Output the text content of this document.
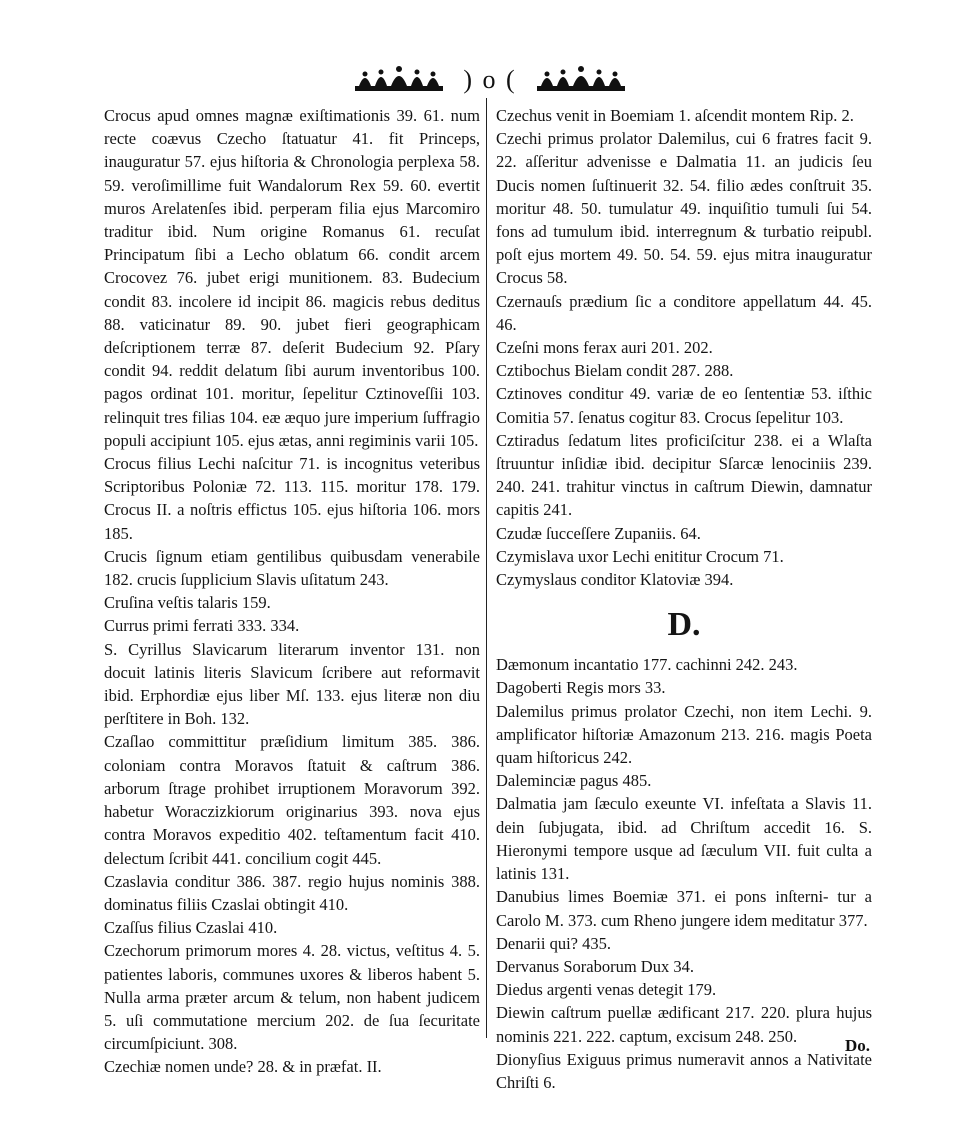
) o (

Crocus apud omnes magnæ exiſtimationis 39. 61. num recte coævus Czecho ſtatuatur 41. fit Princeps, inauguratur 57. ejus hiſtoria & Chronologia perplexa 58. 59. veroſimillime fuit Wandalorum Rex 59. 60. evertit muros Arelatenſes ibid. perperam filia ejus Marcomiro traditur ibid. Num origine Romanus 61. recuſat Principatum ſibi a Lecho oblatum 66. condit arcem Crocovez 76. jubet erigi munitionem. 83. Budecium condit 83. incolere id incipit 86. magicis rebus deditus 88. vaticinatur 89. 90. jubet fieri geographicam deſcriptionem terræ 87. deſerit Budecium 92. Pſary condit 94. reddit delatum ſibi aurum inventoribus 100. pagos ordinat 101. moritur, ſepelitur Cztinoveſſii 103. relinquit tres filias 104. eæ æquo jure imperium ſuffragio populi accipiunt 105. ejus ætas, anni regiminis varii 105.

Crocus filius Lechi naſcitur 71. is incognitus veteribus Scriptoribus Poloniæ 72. 113. 115. moritur 178. 179. Crocus II. a noſtris effictus 105. ejus hiſtoria 106. mors 185.

Crucis ſignum etiam gentilibus quibusdam venerabile 182. crucis ſupplicium Slavis uſitatum 243.

Cruſina veſtis talaris 159.

Currus primi ferrati 333. 334.

S. Cyrillus Slavicarum literarum inventor 131. non docuit latinis literis Slavicum ſcribere aut reformavit ibid. Erphordiæ ejus liber Mſ. 133. ejus literæ non diu perſtitere in Boh. 132.

Czaſlao committitur præſidium limitum 385. 386. coloniam contra Moravos ſtatuit & caſtrum 386. arborum ſtrage prohibet irruptionem Moravorum 392. habetur Woraczizkiorum originarius 393. nova ejus contra Moravos expeditio 402. teſtamentum facit 410. delectum ſcribit 441. concilium cogit 445.

Czaslavia conditur 386. 387. regio hujus nominis 388. dominatus filiis Czaslai obtingit 410.

Czaſſus filius Czaslai 410.

Czechorum primorum mores 4. 28. victus, veſtitus 4. 5. patientes laboris, communes uxores & liberos habent 5. Nulla arma præter arcum & telum, non habent judicem 5. uſi commutatione mercium 202. de ſua ſecuritate circumſpiciunt. 308.

Czechiæ nomen unde? 28. & in præfat. II.

Czechus venit in Boemiam 1. aſcendit montem Rip. 2.

Czechi primus prolator Dalemilus, cui 6 fratres facit 9. 22. aſſeritur advenisse e Dalmatia 11. an judicis ſeu Ducis nomen ſuſtinuerit 32. 54. filio ædes conſtruit 35. moritur 48. 50. tumulatur 49. inquiſitio tumuli ſui 54. fons ad tumulum ibid. interregnum & turbatio reipubl. poſt ejus mortem 49. 50. 54. 59. ejus mitra inauguratur Crocus 58.

Czernauſs prædium ſic a conditore appellatum 44. 45. 46.

Czeſni mons ferax auri 201. 202.

Cztibochus Bielam condit 287. 288.

Cztinoves conditur 49. variæ de eo ſententiæ 53. iſthic Comitia 57. ſenatus cogitur 83. Crocus ſepelitur 103.

Cztiradus ſedatum lites proficiſcitur 238. ei a Wlaſta ſtruuntur inſidiæ ibid. decipitur Sſarcæ lenociniis 239. 240. 241. trahitur vinctus in caſtrum Diewin, damnatur capitis 241.

Czudæ ſucceſſere Zupaniis. 64.

Czymislava uxor Lechi enititur Crocum 71.

Czymyslaus conditor Klatoviæ 394.

D.

Dæmonum incantatio 177. cachinni 242. 243.

Dagoberti Regis mors 33.

Dalemilus primus prolator Czechi, non item Lechi. 9. amplificator hiſtoriæ Amazonum 213. 216. magis Poeta quam hiſtoricus 242.

Daleminciæ pagus 485.

Dalmatia jam ſæculo exeunte VI. infeſtata a Slavis 11. dein ſubjugata, ibid. ad Chriſtum accedit 16. S. Hieronymi tempore usque ad ſæculum VII. fuit culta a latinis 131.

Danubius limes Boemiæ 371. ei pons inſterni- tur a Carolo M. 373. cum Rheno jungere idem meditatur 377.

Denarii qui? 435.

Dervanus Soraborum Dux 34.

Diedus argenti venas detegit 179.

Diewin caſtrum puellæ ædificant 217. 220. plura hujus nominis 221. 222. captum, excisum 248. 250.

Dionyſius Exiguus primus numeravit annos a Nativitate Chriſti 6.

Do.
